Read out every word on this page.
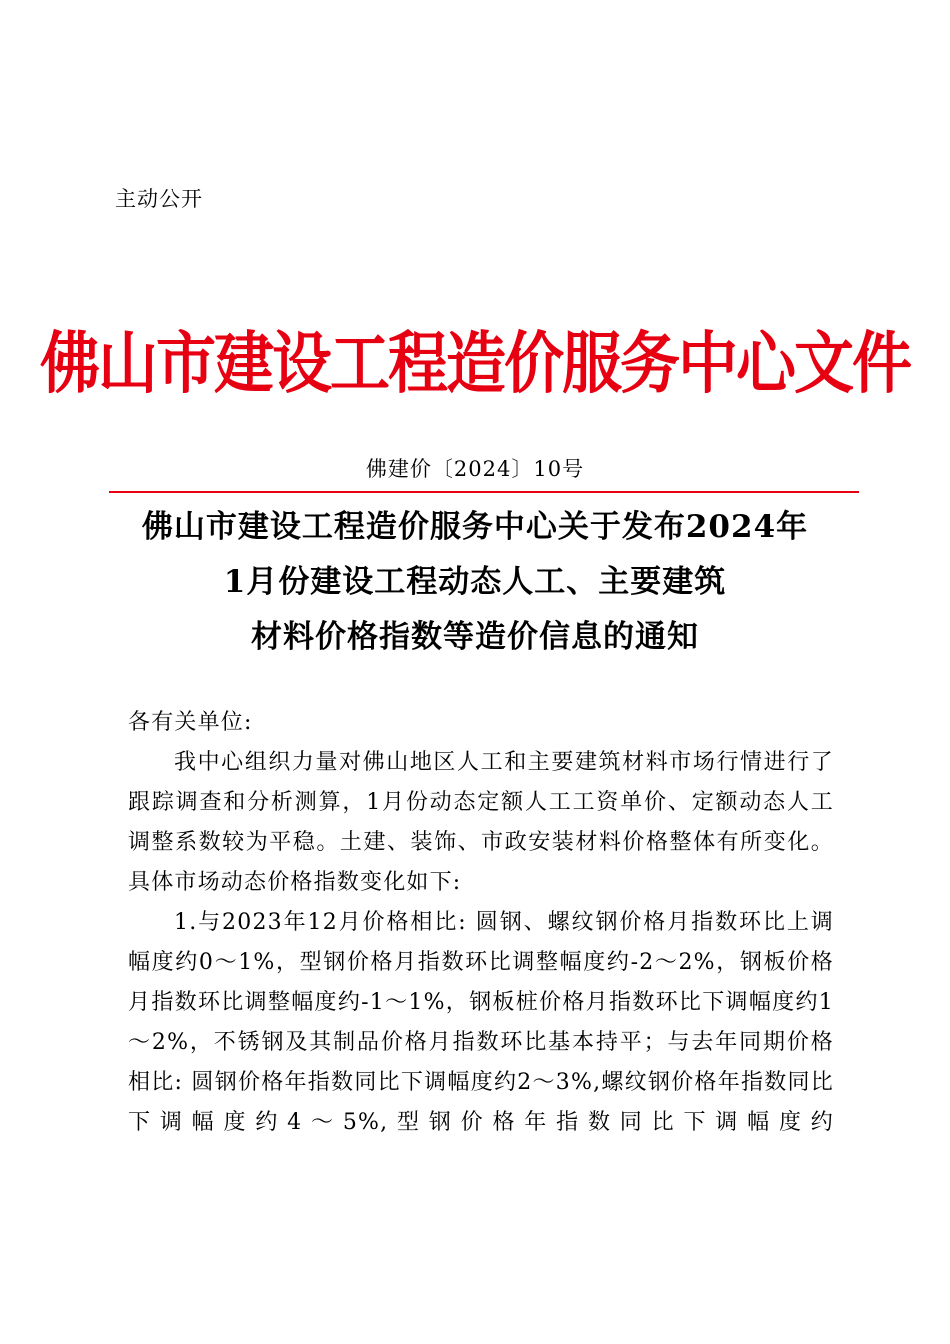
主动公开
佛山市建设工程造价服务中心文件
佛建价〔2024〕10号
佛山市建设工程造价服务中心关于发布2024年
1月份建设工程动态人工、主要建筑
材料价格指数等造价信息的通知

各有关单位:

我中心组织力量对佛山地区人工和主要建筑材料市场行情进行了跟踪调查和分析测算，1月份动态定额人工工资单价、定额动态人工调整系数较为平稳。土建、装饰、市政安装材料价格整体有所变化。具体市场动态价格指数变化如下:

1.与2023年12月价格相比: 圆钢、螺纹钢价格月指数环比上调幅度约0～1%，型钢价格月指数环比调整幅度约-2～2%，钢板价格月指数环比调整幅度约-1～1%，钢板桩价格月指数环比下调幅度约1～2%，不锈钢及其制品价格月指数环比基本持平；与去年同期价格相比: 圆钢价格年指数同比下调幅度约2～3%,螺纹钢价格年指数同比下调幅度约4～5%,型钢价格年指数同比下调幅度约
